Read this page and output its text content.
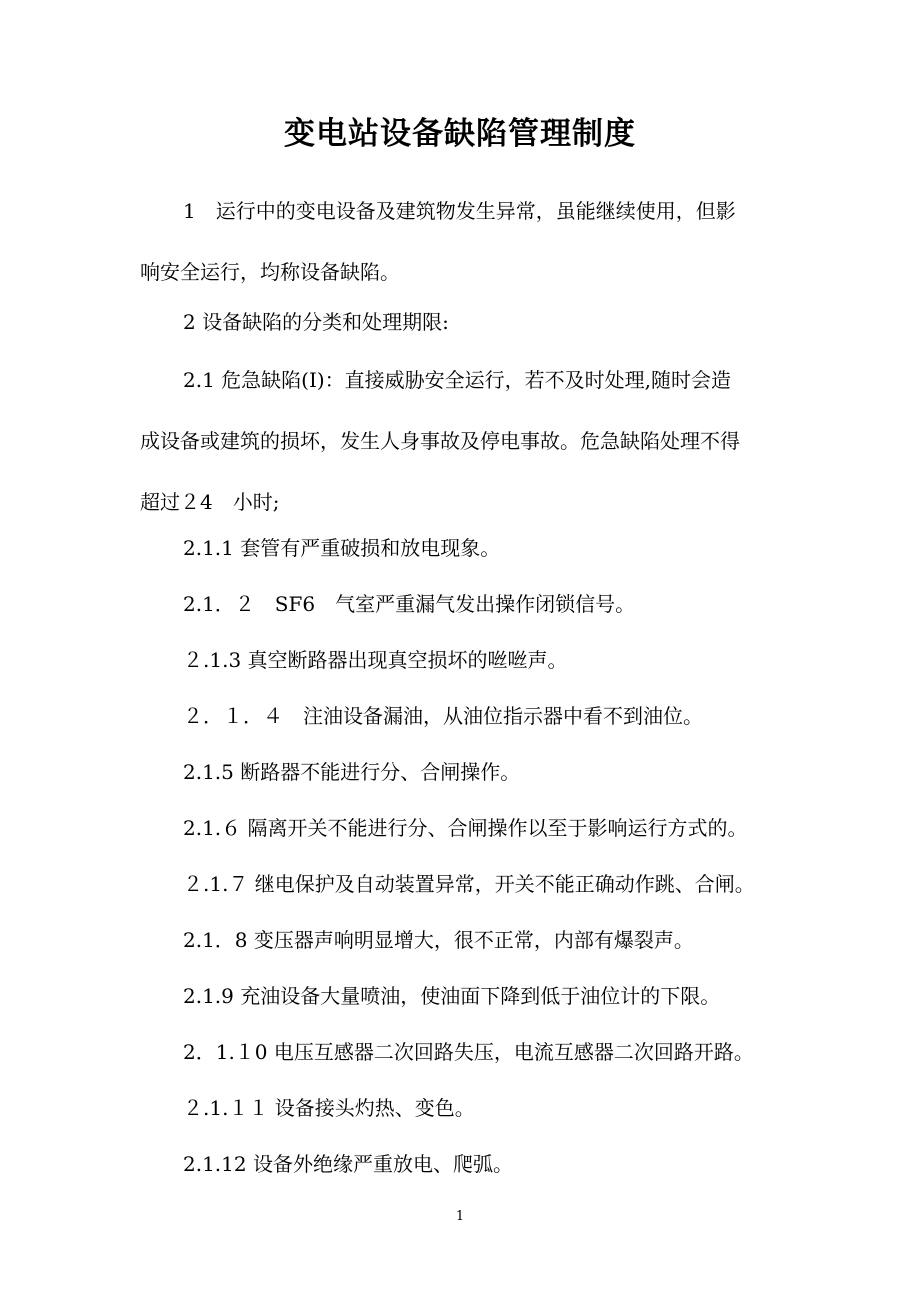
变电站设备缺陷管理制度
1　运行中的变电设备及建筑物发生异常，虽能继续使用，但影
响安全运行，均称设备缺陷。
2 设备缺陷的分类和处理期限:
2.1 危急缺陷(Ⅰ)：直接威胁安全运行，若不及时处理,随时会造
成设备或建筑的损坏，发生人身事故及停电事故。危急缺陷处理不得
超过２4　小时;
2.1.1 套管有严重破损和放电现象。
2.1．２　SF6　气室严重漏气发出操作闭锁信号。
２.1.3 真空断路器出现真空损坏的咝咝声。
２．１．４　注油设备漏油，从油位指示器中看不到油位。
2.1.5 断路器不能进行分、合闸操作。
2.1.６ 隔离开关不能进行分、合闸操作以至于影响运行方式的。
２.1.７ 继电保护及自动装置异常，开关不能正确动作跳、合闸。
2.1．8 变压器声响明显增大，很不正常，内部有爆裂声。
2.1.9 充油设备大量喷油，使油面下降到低于油位计的下限。
2．1.１0 电压互感器二次回路失压，电流互感器二次回路开路。
２.1.１１ 设备接头灼热、变色。
2.1.12 设备外绝缘严重放电、爬弧。
1
